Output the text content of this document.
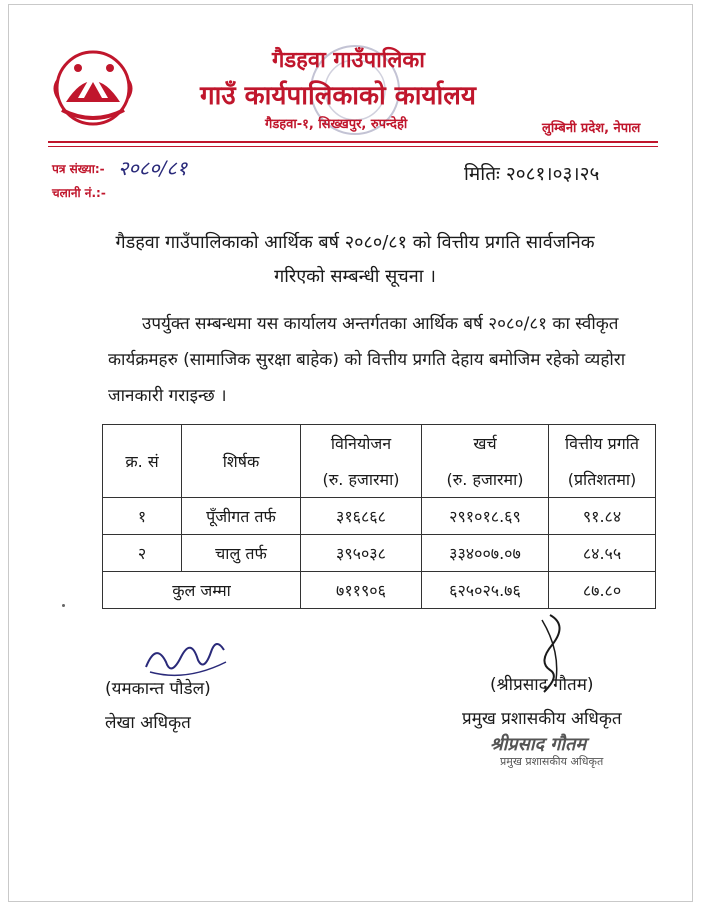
गैडहवा गाउँपालिका
गाउँ कार्यपालिकाको कार्यालय
गैडहवा-१, सिख्खपुर, रुपन्देही	लुम्बिनी प्रदेश, नेपाल
पत्र संख्या:- २०८०/८१
चलानी नं.:-
मितिः २०८१।०३।२५
गैडहवा गाउँपालिकाको आर्थिक बर्ष २०८०/८१ को वित्तीय प्रगति सार्वजनिक
गरिएको सम्बन्धी सूचना ।
उपर्युक्त सम्बन्धमा यस कार्यालय अन्तर्गतका आर्थिक बर्ष २०८०/८१ का स्वीकृत कार्यक्रमहरु (सामाजिक सुरक्षा बाहेक) को वित्तीय प्रगति देहाय बमोजिम रहेको व्यहोरा जानकारी गराइन्छ ।
क्र. सं	शिर्षक	विनियोजन	खर्च	वित्तीय प्रगति
		(रु. हजारमा)	(रु. हजारमा)	(प्रतिशतमा)
१	पूँजीगत तर्फ	३१६८६८	२९१०१८.६९	९१.८४
२	चालु तर्फ	३९५०३८	३३४००७.०७	८४.५५
कुल जम्मा		७११९०६	६२५०२५.७६	८७.८०
(यमकान्त पौडेल)
लेखा अधिकृत
(श्रीप्रसाद गौतम)
प्रमुख प्रशासकीय अधिकृत
श्रीप्रसाद गौतम
प्रमुख प्रशासकीय अधिकृत
